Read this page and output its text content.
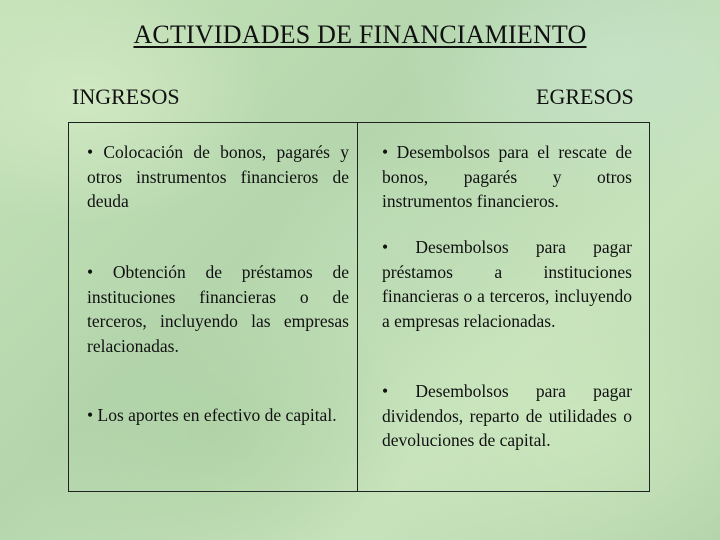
ACTIVIDADES DE FINANCIAMIENTO
INGRESOS	EGRESOS
• Colocación de bonos, pagarés y otros instrumentos financieros de deuda
• Obtención de préstamos de instituciones financieras o de terceros, incluyendo las empresas relacionadas.
• Los aportes en efectivo de capital.
• Desembolsos para el rescate de bonos, pagarés y otros instrumentos financieros.
• Desembolsos para pagar préstamos a instituciones financieras o a terceros, incluyendo a empresas relacionadas.
• Desembolsos para pagar dividendos, reparto de utilidades o devoluciones de capital.
